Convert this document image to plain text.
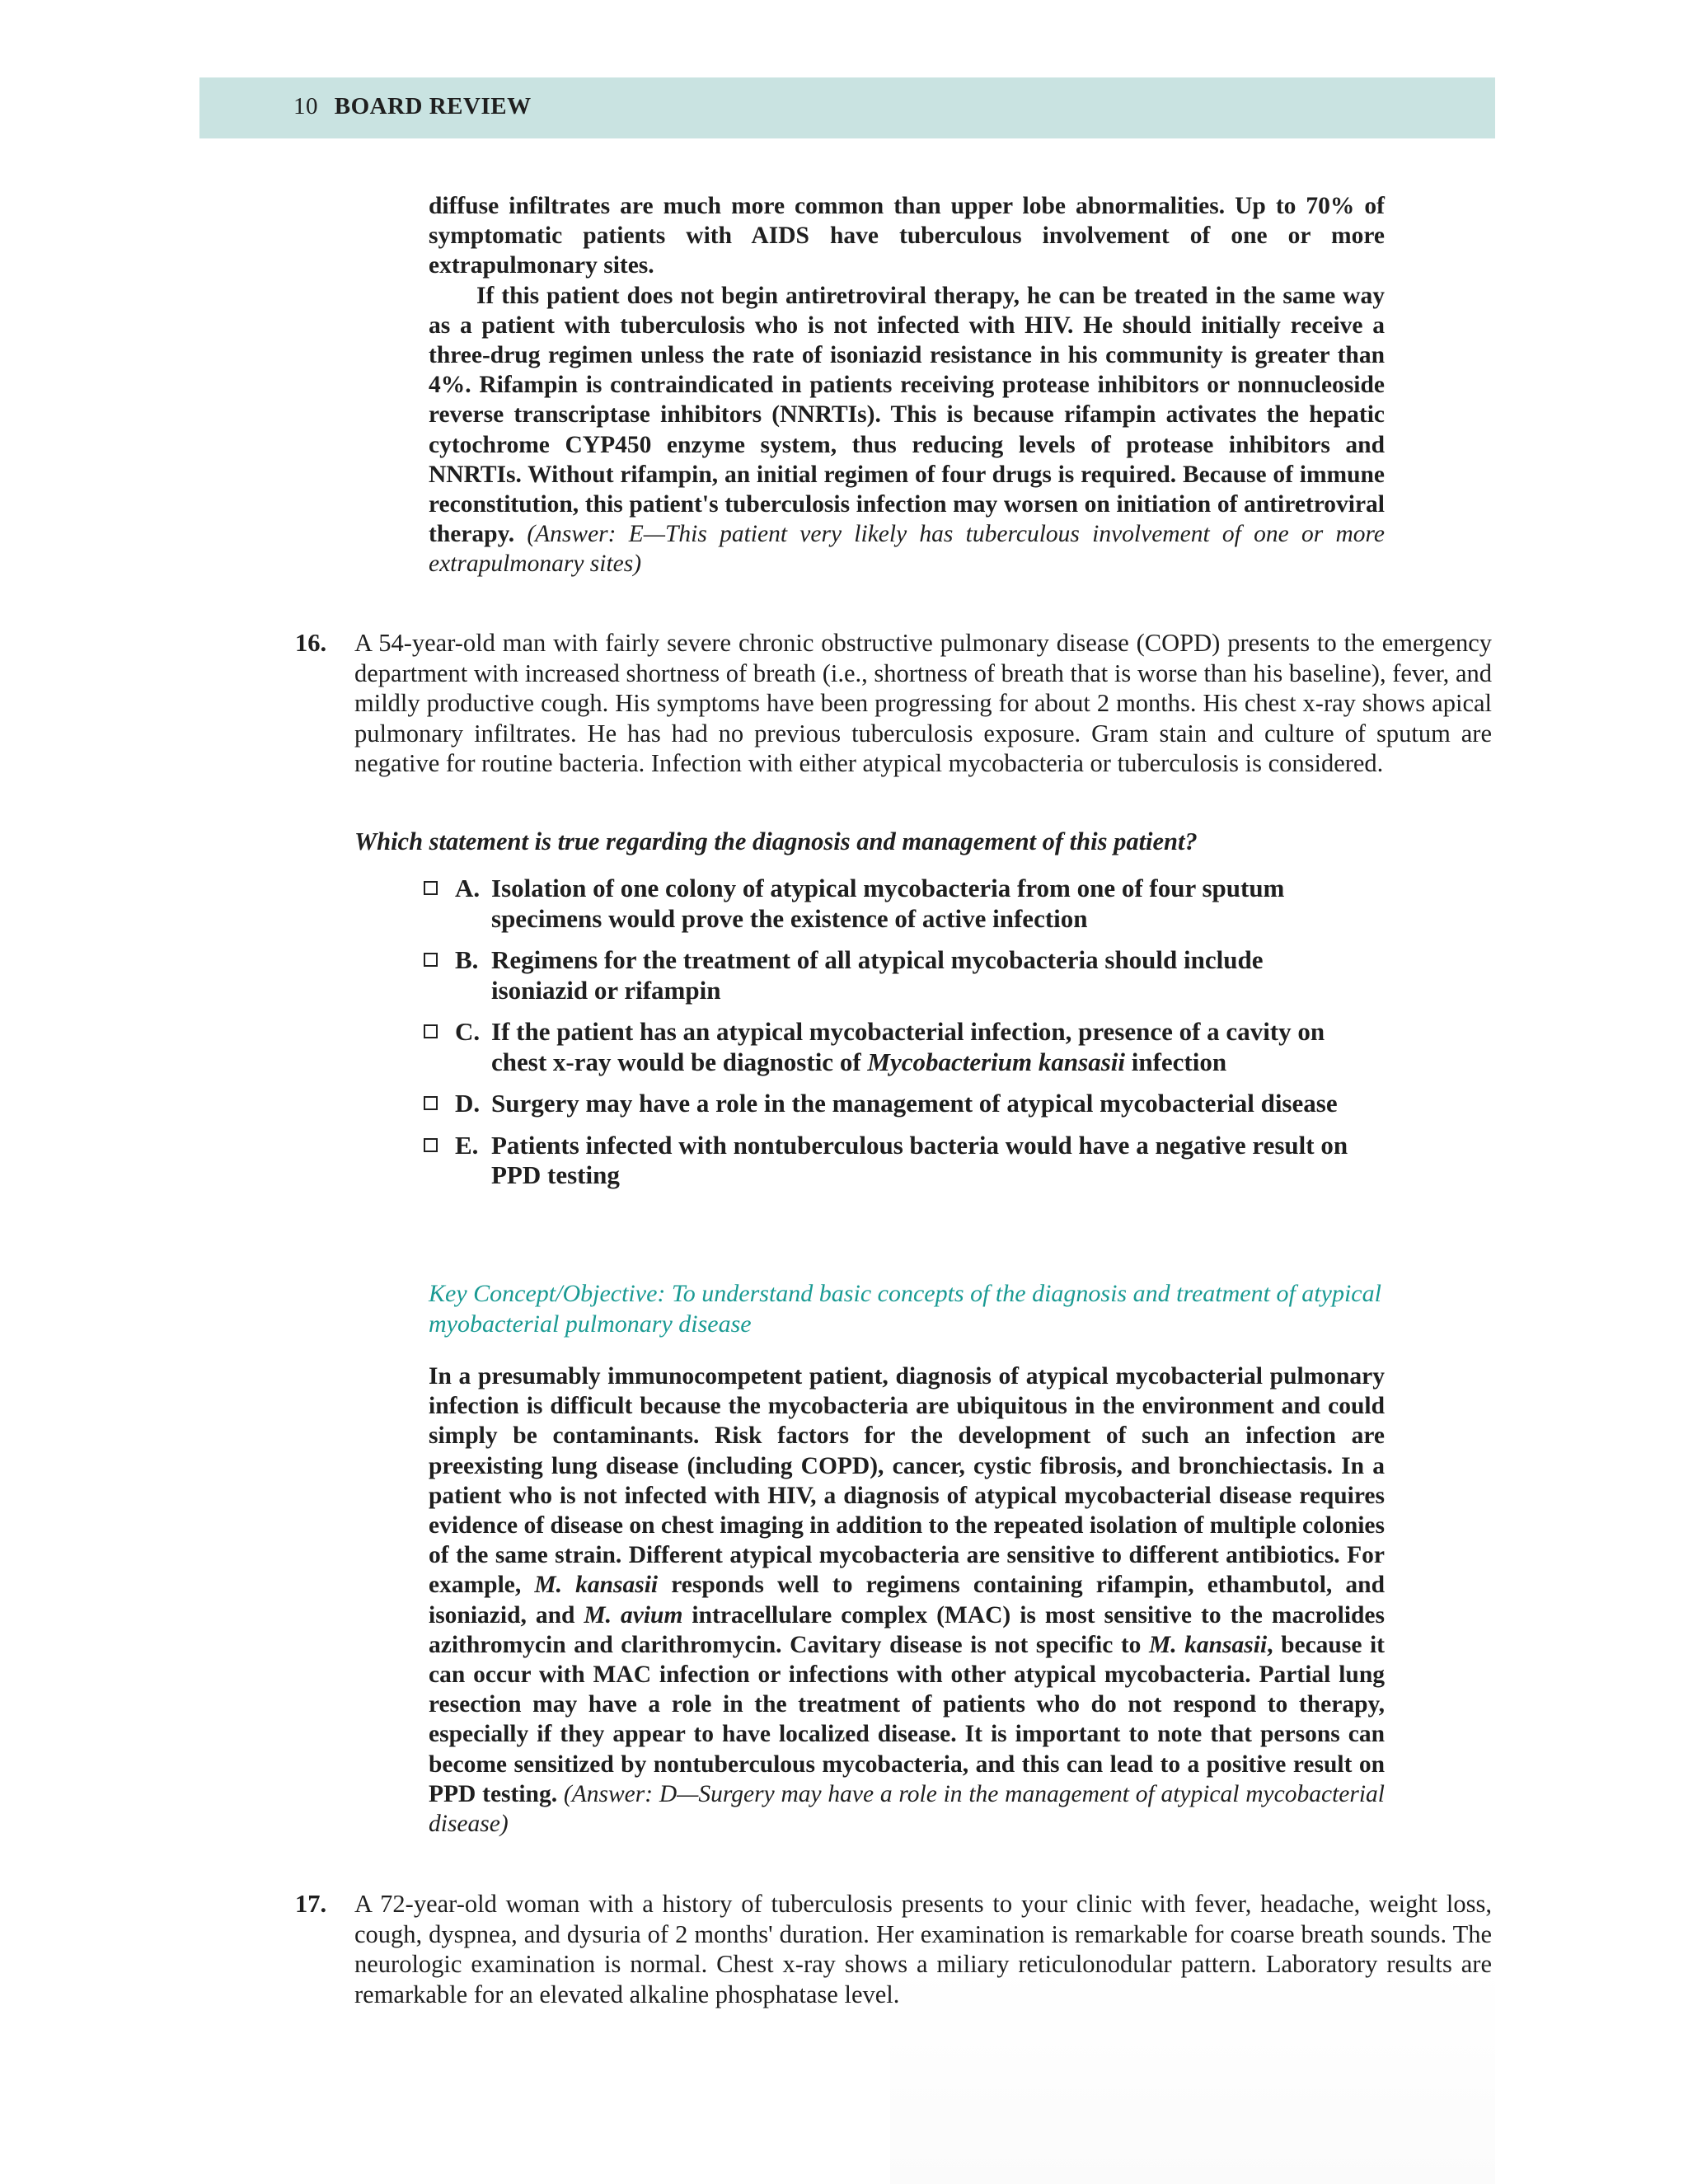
10 BOARD REVIEW

diffuse infiltrates are much more common than upper lobe abnormalities. Up to 70% of symptomatic patients with AIDS have tuberculous involvement of one or more extrapulmonary sites.

If this patient does not begin antiretroviral therapy, he can be treated in the same way as a patient with tuberculosis who is not infected with HIV. He should initially receive a three-drug regimen unless the rate of isoniazid resistance in his community is greater than 4%. Rifampin is contraindicated in patients receiving protease inhibitors or nonnucleoside reverse transcriptase inhibitors (NNRTIs). This is because rifampin activates the hepatic cytochrome CYP450 enzyme system, thus reducing levels of protease inhibitors and NNRTIs. Without rifampin, an initial regimen of four drugs is required. Because of immune reconstitution, this patient's tuberculosis infection may worsen on initiation of antiretroviral therapy. (Answer: E—This patient very likely has tuberculous involvement of one or more extrapulmonary sites)

16. A 54-year-old man with fairly severe chronic obstructive pulmonary disease (COPD) presents to the emergency department with increased shortness of breath (i.e., shortness of breath that is worse than his baseline), fever, and mildly productive cough. His symptoms have been progressing for about 2 months. His chest x-ray shows apical pulmonary infiltrates. He has had no previous tuberculosis exposure. Gram stain and culture of sputum are negative for routine bacteria. Infection with either atypical mycobacteria or tuberculosis is considered.
Which statement is true regarding the diagnosis and management of this patient?
A. Isolation of one colony of atypical mycobacteria from one of four sputum specimens would prove the existence of active infection
B. Regimens for the treatment of all atypical mycobacteria should include isoniazid or rifampin
C. If the patient has an atypical mycobacterial infection, presence of a cavity on chest x-ray would be diagnostic of Mycobacterium kansasii infection
D. Surgery may have a role in the management of atypical mycobacterial disease
E. Patients infected with nontuberculous bacteria would have a negative result on PPD testing
Key Concept/Objective: To understand basic concepts of the diagnosis and treatment of atypical myobacterial pulmonary disease

In a presumably immunocompetent patient, diagnosis of atypical mycobacterial pulmonary infection is difficult because the mycobacteria are ubiquitous in the environment and could simply be contaminants. Risk factors for the development of such an infection are preexisting lung disease (including COPD), cancer, cystic fibrosis, and bronchiectasis. In a patient who is not infected with HIV, a diagnosis of atypical mycobacterial disease requires evidence of disease on chest imaging in addition to the repeated isolation of multiple colonies of the same strain. Different atypical mycobacteria are sensitive to different antibiotics. For example, M. kansasii responds well to regimens containing rifampin, ethambutol, and isoniazid, and M. avium intracellulare complex (MAC) is most sensitive to the macrolides azithromycin and clarithromycin. Cavitary disease is not specific to M. kansasii, because it can occur with MAC infection or infections with other atypical mycobacteria. Partial lung resection may have a role in the treatment of patients who do not respond to therapy, especially if they appear to have localized disease. It is important to note that persons can become sensitized by nontuberculous mycobacteria, and this can lead to a positive result on PPD testing. (Answer: D—Surgery may have a role in the management of atypical mycobacterial disease)

17. A 72-year-old woman with a history of tuberculosis presents to your clinic with fever, headache, weight loss, cough, dyspnea, and dysuria of 2 months' duration. Her examination is remarkable for coarse breath sounds. The neurologic examination is normal. Chest x-ray shows a miliary reticulonodular pattern. Laboratory results are remarkable for an elevated alkaline phosphatase level.
